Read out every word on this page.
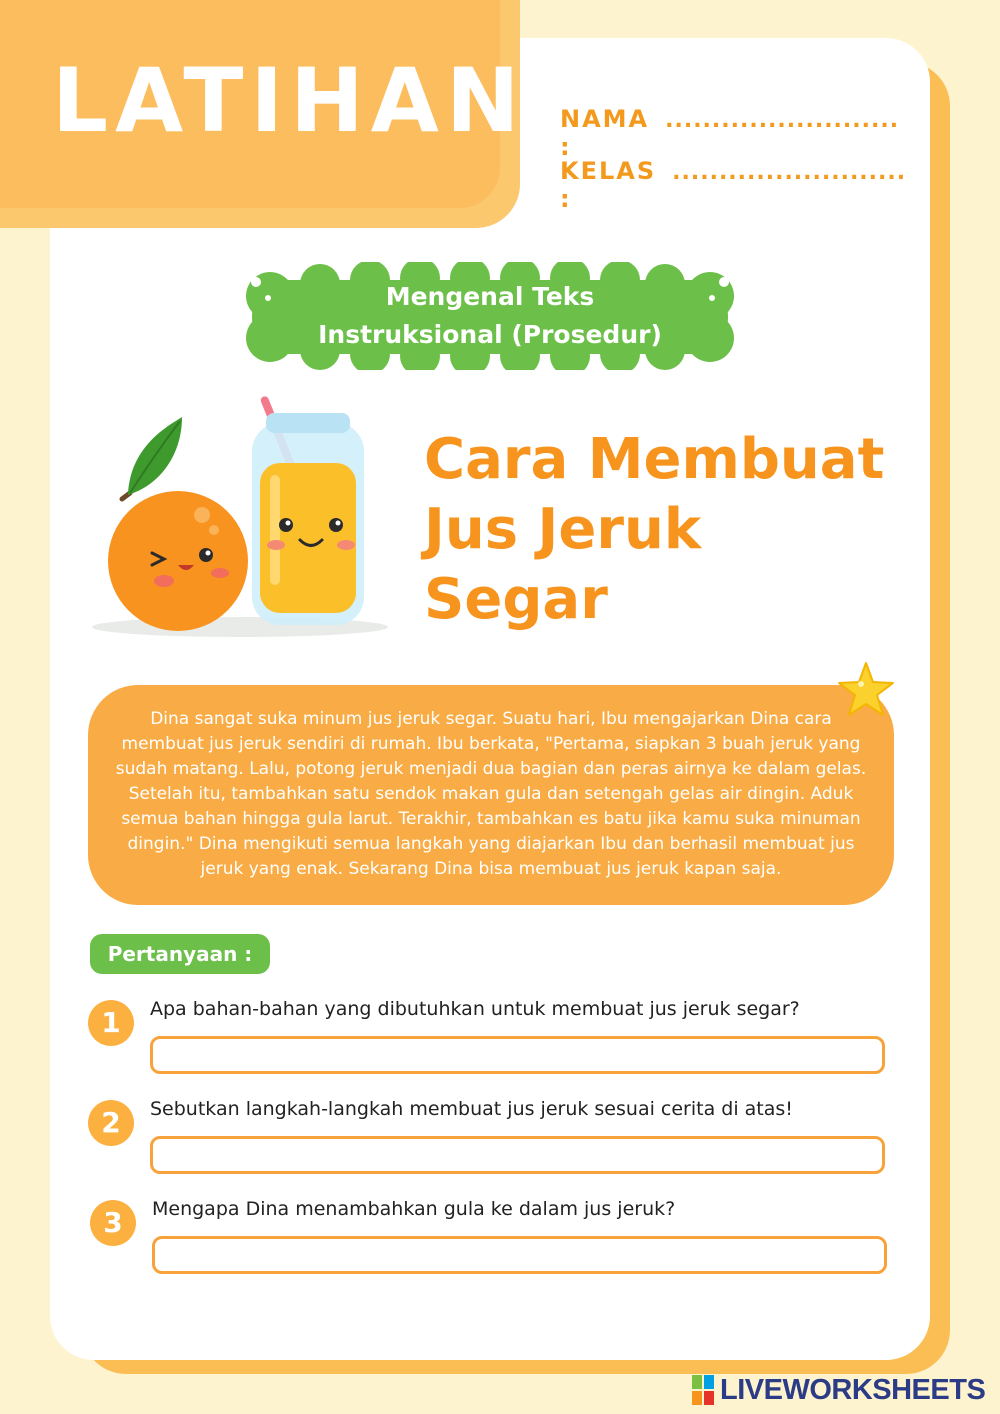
LATIHAN NAMA :
.........................
KELAS :
.........................
Mengenal Teks
Instruksional (Prosedur)
Cara Membuat
Jus Jeruk
Segar

Dina sangat suka minum jus jeruk segar. Suatu hari, Ibu mengajarkan Dina cara membuat jus jeruk sendiri di rumah. Ibu berkata, "Pertama, siapkan 3 buah jeruk yang sudah matang. Lalu, potong jeruk menjadi dua bagian dan peras airnya ke dalam gelas. Setelah itu, tambahkan satu sendok makan gula dan setengah gelas air dingin. Aduk semua bahan hingga gula larut. Terakhir, tambahkan es batu jika kamu suka minuman dingin." Dina mengikuti semua langkah yang diajarkan Ibu dan berhasil membuat jus jeruk yang enak. Sekarang Dina bisa membuat jus jeruk kapan saja.

Pertanyaan :
1	Apa bahan-bahan yang dibutuhkan untuk membuat jus jeruk segar?
2	Sebutkan langkah-langkah membuat jus jeruk sesuai cerita di atas!
3	Mengapa Dina menambahkan gula ke dalam jus jeruk?
LIVEWORKSHEETS
